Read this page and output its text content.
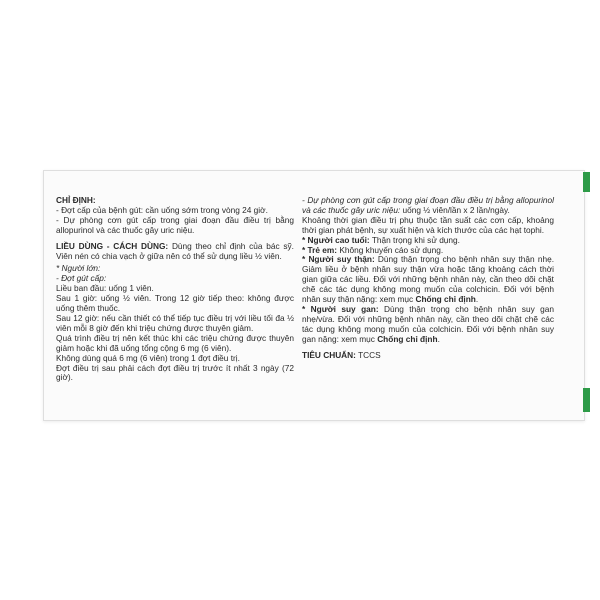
CHỈ ĐỊNH:

- Đợt cấp của bệnh gút: cần uống sớm trong vòng 24 giờ.

- Dự phòng cơn gút cấp trong giai đoạn đầu điều trị bằng allopurinol và các thuốc gây uric niệu.

LIỀU DÙNG - CÁCH DÙNG: Dùng theo chỉ định của bác sỹ. Viên nén có chia vạch ở giữa nên có thể sử dụng liều ½ viên.

* Người lớn:

- Đợt gút cấp:

Liều ban đầu: uống 1 viên.

Sau 1 giờ: uống ½ viên. Trong 12 giờ tiếp theo: không được uống thêm thuốc.

Sau 12 giờ: nếu cần thiết có thể tiếp tục điều trị với liều tối đa ½ viên mỗi 8 giờ đến khi triệu chứng được thuyên giảm.

Quá trình điều trị nên kết thúc khi các triệu chứng được thuyên giảm hoặc khi đã uống tổng cộng 6 mg (6 viên).

Không dùng quá 6 mg (6 viên) trong 1 đợt điều trị.

Đợt điều trị sau phải cách đợt điều trị trước ít nhất 3 ngày (72 giờ).

- Dự phòng cơn gút cấp trong giai đoạn đầu điều trị bằng allopurinol và các thuốc gây uric niệu: uống ½ viên/lần x 2 lần/ngày.

Khoảng thời gian điều trị phụ thuộc tần suất các cơn cấp, khoảng thời gian phát bệnh, sự xuất hiện và kích thước của các hạt tophi.

* Người cao tuổi: Thận trọng khi sử dụng.

* Trẻ em: Không khuyến cáo sử dụng.

* Người suy thận: Dùng thận trọng cho bệnh nhân suy thận nhẹ. Giảm liều ở bệnh nhân suy thận vừa hoặc tăng khoảng cách thời gian giữa các liều. Đối với những bệnh nhân này, cần theo dõi chặt chẽ các tác dụng không mong muốn của colchicin. Đối với bệnh nhân suy thận nặng: xem mục Chống chỉ định.

* Người suy gan: Dùng thận trọng cho bệnh nhân suy gan nhẹ/vừa. Đối với những bệnh nhân này, cần theo dõi chặt chẽ các tác dụng không mong muốn của colchicin. Đối với bệnh nhân suy gan nặng: xem mục Chống chỉ định.

TIÊU CHUẨN: TCCS
